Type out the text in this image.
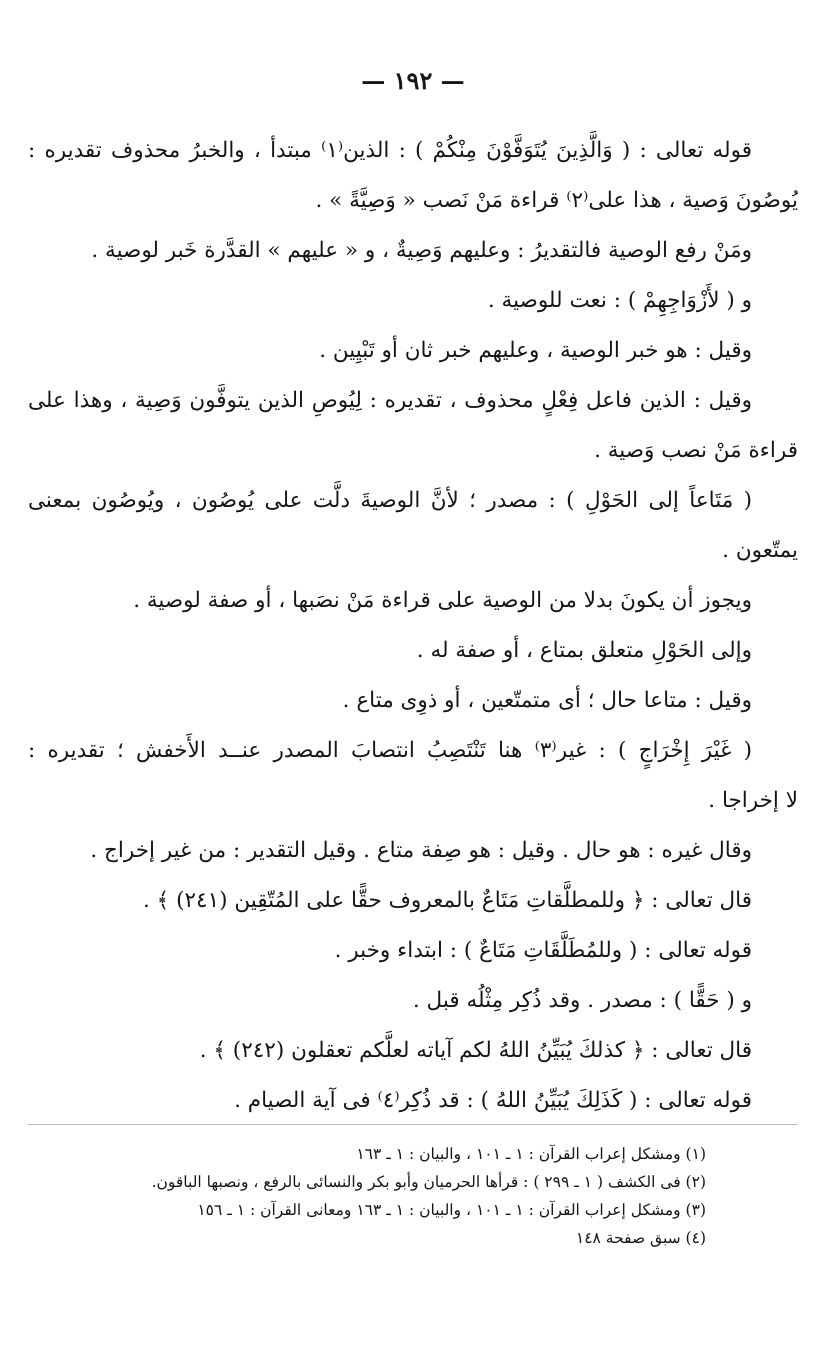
— ١٩٢ —
قوله تعالى : ( وَالَّذِينَ يُتَوَفَّوْنَ مِنْكُمْ ) : الذين⁽١⁾ مبتدأ ، والخبرُ محذوف تقديره :
يُوصُونَ وَصية ، هذا على⁽٢⁾ قراءة مَنْ نَصب « وَصِيَّةً » .
ومَنْ رفع الوصية فالتقديرُ : وعليهم وَصِيةٌ ، و « عليهم » القدَّرة خَبر لوصية .
و ( لأَزْوَاجِهِمْ ) : نعت للوصية .
وقيل : هو خبر الوصية ، وعليهم خبر ثان أو تَبْيِين .
وقيل : الذين فاعل فِعْلٍ محذوف ، تقديره : لِيُوصِ الذين يتوفَّون وَصِية ، وهذا على
قراءة مَنْ نصب وَصية .
( مَتَاعاً إلى الحَوْلِ ) : مصدر ؛ لأنَّ الوصيةَ دلَّت على يُوصُون ، ويُوصُون بمعنى
يمتّعون .
ويجوز أن يكونَ بدلا من الوصية على قراءة مَنْ نصَبها ، أو صفة لوصية .
وإلى الحَوْلِ متعلق بمتاع ، أو صفة له .
وقيل : متاعا حال ؛ أى متمتّعين ، أو ذوِى متاع .
( غَيْرَ إِخْرَاجٍ ) : غير⁽٣⁾ هنا تَنْتَصِبُ انتصابَ المصدر عنــد الأَخفش ؛ تقديره :
لا إخراجا .
وقال غيره : هو حال . وقيل : هو صِفة متاع . وقيل التقدير : من غير إخراج .
قال تعالى : ﴿ وللمطلَّقاتِ مَتَاعٌ بالمعروف حقًّا على المُتّقِين (٢٤١) ﴾ .
قوله تعالى : ( وللمُطَلَّقَاتِ مَتَاعٌ ) : ابتداء وخبر .
و ( حَقًّا ) : مصدر . وقد ذُكِر مِثْلُه قبل .
قال تعالى : ﴿ كذلكَ يُبَيِّنُ اللهُ لكم آياته لعلَّكم تعقلون (٢٤٢) ﴾ .
قوله تعالى : ( كَذَلِكَ يُبَيِّنُ اللهُ ) : قد ذُكِر⁽٤⁾ فى آية الصيام .
(١) ومشكل إعراب القرآن : ١ ـ ١٠١ ، والبيان : ١ ـ ١٦٣
(٢) فى الكشف ( ١ ـ ٢٩٩ ) : قرأها الحرميان وأبو بكر والنسائى بالرفع ، ونصبها الباقون.
(٣) ومشكل إعراب القرآن : ١ ـ ١٠١ ، والبيان : ١ ـ ١٦٣ ومعانى القرآن : ١ ـ ١٥٦
(٤) سبق صفحة ١٤٨
